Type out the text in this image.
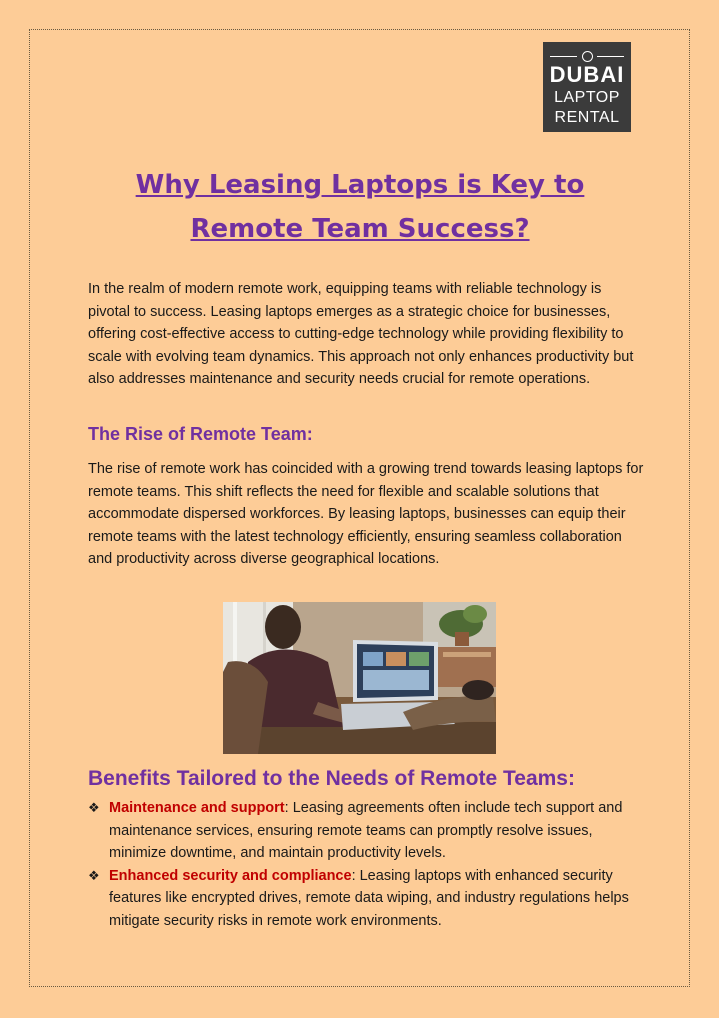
DUBAI
LAPTOP
RENTAL
Why Leasing Laptops is Key to
Remote Team Success?

In the realm of modern remote work, equipping teams with reliable technology is pivotal to success. Leasing laptops emerges as a strategic choice for businesses, offering cost-effective access to cutting-edge technology while providing flexibility to scale with evolving team dynamics. This approach not only enhances productivity but also addresses maintenance and security needs crucial for remote operations.

The Rise of Remote Team:

The rise of remote work has coincided with a growing trend towards leasing laptops for remote teams. This shift reflects the need for flexible and scalable solutions that accommodate dispersed workforces. By leasing laptops, businesses can equip their remote teams with the latest technology efficiently, ensuring seamless collaboration and productivity across diverse geographical locations.

Benefits Tailored to the Needs of Remote Teams:
❖ Maintenance and support: Leasing agreements often include tech support and maintenance services, ensuring remote teams can promptly resolve issues, minimize downtime, and maintain productivity levels.
❖ Enhanced security and compliance: Leasing laptops with enhanced security features like encrypted drives, remote data wiping, and industry regulations helps mitigate security risks in remote work environments.
